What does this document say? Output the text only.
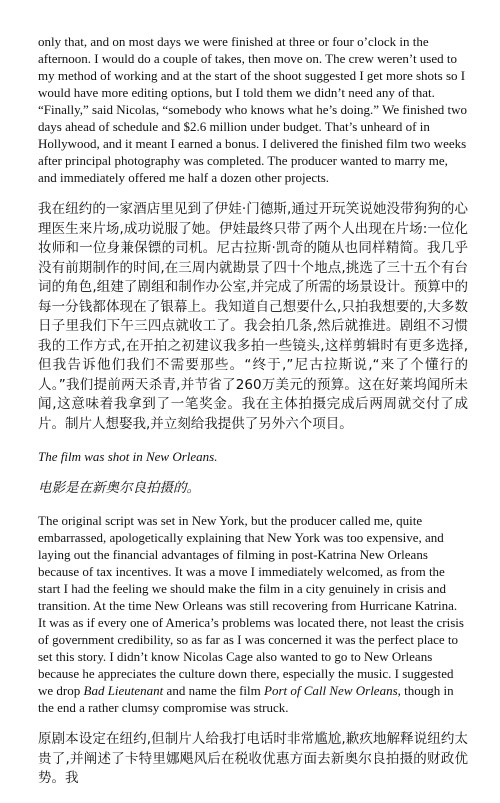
only that, and on most days we were finished at three or four o’clock in the afternoon. I would do a couple of takes, then move on. The crew weren’t used to my method of working and at the start of the shoot suggested I get more shots so I would have more editing options, but I told them we didn’t need any of that. “Finally,” said Nicolas, “somebody who knows what he’s doing.” We finished two days ahead of schedule and $2.6 million under budget. That’s unheard of in Hollywood, and it meant I earned a bonus. I delivered the finished film two weeks after principal photography was completed. The producer wanted to marry me, and immediately offered me half a dozen other projects.

我在纽约的一家酒店里见到了伊娃·门德斯,通过开玩笑说她没带狗狗的心理医生来片场,成功说服了她。伊娃最终只带了两个人出现在片场:一位化妆师和一位身兼保镖的司机。尼古拉斯·凯奇的随从也同样精简。我几乎没有前期制作的时间,在三周内就勘景了四十个地点,挑选了三十五个有台词的角色,组建了剧组和制作办公室,并完成了所需的场景设计。预算中的每一分钱都体现在了银幕上。我知道自己想要什么,只拍我想要的,大多数日子里我们下午三四点就收工了。我会拍几条,然后就推进。剧组不习惯我的工作方式,在开拍之初建议我多拍一些镜头,这样剪辑时有更多选择,但我告诉他们我们不需要那些。“终于,”尼古拉斯说,“来了个懂行的人。”我们提前两天杀青,并节省了260万美元的预算。这在好莱坞闻所未闻,这意味着我拿到了一笔奖金。我在主体拍摄完成后两周就交付了成片。制片人想娶我,并立刻给我提供了另外六个项目。

The film was shot in New Orleans.

电影是在新奥尔良拍摄的。

The original script was set in New York, but the producer called me, quite embarrassed, apologetically explaining that New York was too expensive, and laying out the financial advantages of filming in post-Katrina New Orleans because of tax incentives. It was a move I immediately welcomed, as from the start I had the feeling we should make the film in a city genuinely in crisis and transition. At the time New Orleans was still recovering from Hurricane Katrina. It was as if every one of America’s problems was located there, not least the crisis of government credibility, so as far as I was concerned it was the perfect place to set this story. I didn’t know Nicolas Cage also wanted to go to New Orleans because he appreciates the culture down there, especially the music. I suggested we drop Bad Lieutenant and name the film Port of Call New Orleans, though in the end a rather clumsy compromise was struck.

原剧本设定在纽约,但制片人给我打电话时非常尴尬,歉疚地解释说纽约太贵了,并阐述了卡特里娜飓风后在税收优惠方面去新奥尔良拍摄的财政优势。我
